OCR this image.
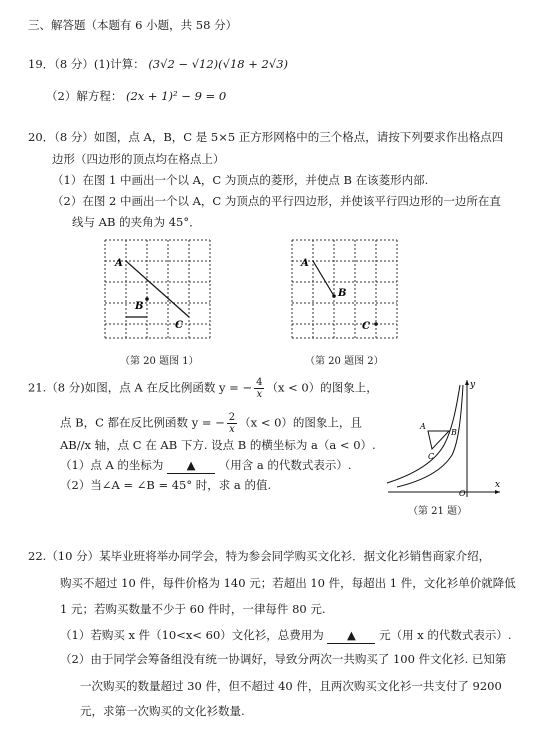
三、解答题（本题有 6 小题，共 58 分）
19．（8 分）(1)计算： (3√2 − √12)(√18 + 2√3)
（2）解方程： (2x + 1)² − 9 = 0
20．（8 分）如图，点 A，B，C 是 5×5 正方形网格中的三个格点，请按下列要求作出格点四
边形（四边形的顶点均在格点上）
（1）在图 1 中画出一个以 A，C 为顶点的菱形，并使点 B 在该菱形内部.
（2）在图 2 中画出一个以 A，C 为顶点的平行四边形，并使该平行四边形的一边所在直
线与 AB 的夹角为 45°．
A
B
C
（第 20 题图 1）
A
B
C
（第 20 题图 2）
21.（8 分)如图，点 A 在反比例函数 y = − $\frac{4}{x} (x < 0)$的图象上，
点 B，C 都在反比例函数 y = − $\frac{2}{x} (x < 0)$的图象上，且
AB//x 轴，点 C 在 AB 下方. 设点 B 的横坐标为 a（a < 0）.
（1）点 A 的坐标为 ▲ （用含 a 的代数式表示）.
（2）当∠A = ∠B = 45° 时，求 a 的值.
y
x
O
A
B
C
（第 21 题）
22.（10 分）某毕业班将举办同学会，特为参会同学购买文化衫．据文化衫销售商家介绍，
购买不超过 10 件，每件价格为 140 元；若超出 10 件，每超出 1 件，文化衫单价就降低
1 元；若购买数量不少于 60 件时，一律每件 80 元.
（1）若购买 x 件（10<x< 60）文化衫，总费用为 ▲ 元（用 x 的代数式表示）.
（2）由于同学会筹备组没有统一协调好，导致分两次一共购买了 100 件文化衫. 已知第
一次购买的数量超过 30 件，但不超过 40 件，且两次购买文化衫一共支付了 9200
元，求第一次购买的文化衫数量.
